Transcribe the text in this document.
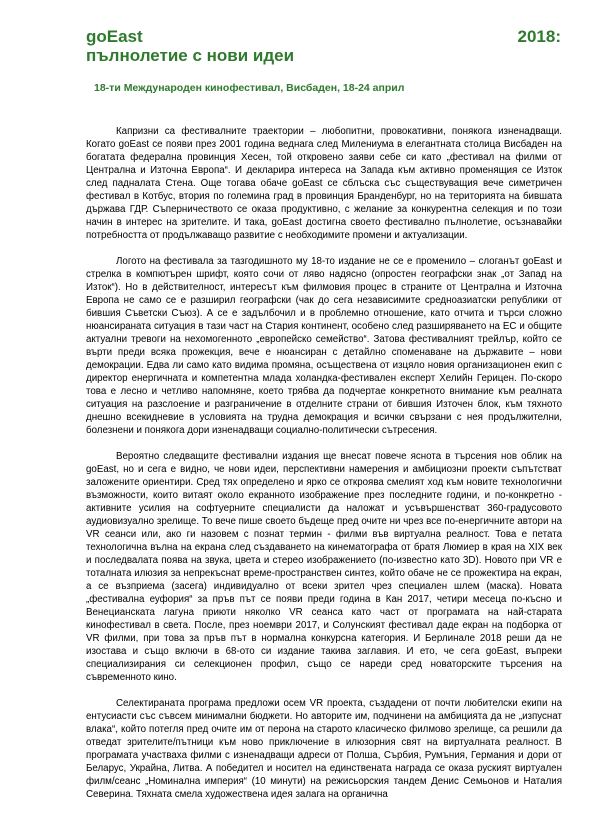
goEast	2018:
пълнолетие с нови идеи
18-ти Международен кинофестивал, Висбаден, 18-24 април

Капризни са фестивалните траектории – любопитни, провокативни, понякога изненадващи. Когато goEast се появи през 2001 година веднага след Милениума в елегантната столица Висбаден на богатата федерална провинция Хесен, той откровено заяви себе си като „фестивал на филми от Централна и Източна Европа“. И декларира интереса на Запада към активно променящия се Изток след падналата Стена. Още тогава обаче goEast се сблъска със съществуващия вече симетричен фестивал в Котбус, втория по големина град в провинция Бранденбург, но на територията на бившата държава ГДР. Съперничеството се оказа продуктивно, с желание за конкурентна селекция и по този начин в интерес на зрителите. И така, goEast достигна своето фестивално пълнолетие, осъзнавайки потребността от продължаващо развитие с необходимите промени и актуализации.

Логото на фестивала за тазгодишното му 18-то издание не се е променило – слоганът goEast и стрелка в компютърен шрифт, която сочи от ляво надясно (опростен географски знак „от Запад на Изток“). Но в действителност, интересът към филмовия процес в страните от Централна и Източна Европа не само се е разширил географски (чак до сега независимите средноазиатски републики от бившия Съветски Съюз). А се е задълбочил и в проблемно отношение, като отчита и търси сложно нюансираната ситуация в тази част на Стария континент, особено след разширяването на ЕС и общите актуални тревоги на нехомогенното „европейско семейство“. Затова фестивалният трейлър, който се върти преди всяка прожекция, вече е нюансиран с детайлно споменаване на държавите – нови демокрации. Едва ли само като видима промяна, осъществена от изцяло новия организационен екип с директор енергичната и компетентна млада холандка-фестивален експерт Хелийн Герицен. По-скоро това е лесно и четливо напомняне, което трябва да подчертае конкретното внимание към реалната ситуация на разслоение и разграничение в отделните страни от бившия Източен блок, към тяхното днешно всекидневие в условията на трудна демокрация и всички свързани с нея продължителни, болезнени и понякога дори изненадващи социално-политически сътресения.

Вероятно следващите фестивални издания ще внесат повече яснота в търсения нов облик на goEast, но и сега е видно, че нови идеи, перспективни намерения и амбициозни проекти съпътстват заложените ориентири. Сред тях определено и ярко се откроява смелият ход към новите технологични възможности, които витаят около екранното изображение през последните години, и по-конкретно - активните усилия на софтуерните специалисти да наложат и усъвършенстват 360-градусовото аудиовизуално зрелище. То вече пише своето бъдеще пред очите ни чрез все по-енергичните автори на VR сеанси или, ако ги назовем с познат термин - филми във виртуална реалност. Това е петата технологична вълна на екрана след създаването на кинематографа от братя Люмиер в края на XIX век и последвалата поява на звука, цвета и стерео изображението (по-известно като 3D). Новото при VR е тоталната илюзия за непрекъснат време-пространствен синтез, който обаче не се прожектира на екран, а се възприема (засега) индивидуално от всеки зрител чрез специален шлем (маска). Новата „фестивална еуфория“ за пръв път се появи преди година в Кан 2017, четири месеца по-късно и Венецианската лагуна приюти няколко VR сеанса като част от програмата на най-старата кинофестивал в света. После, през ноември 2017, и Солунският фестивал даде екран на подборка от VR филми, при това за пръв път в нормална конкурсна категория. И Берлинале 2018 реши да не изостава и също включи в 68-ото си издание такива заглавия. И ето, че сега goEast, въпреки специализирания си селекционен профил, също се нареди сред новаторските търсения на съвременното кино.

Селектираната програма предложи осем VR проекта, създадени от почти любителски екипи на ентусиасти със съвсем минимални бюджети. Но авторите им, подчинени на амбицията да не „изпуснат влака“, който потегля пред очите им от перона на старото класическо филмово зрелище, са решили да отведат зрителите/пътници към ново приключение в илюзорния свят на виртуалната реалност. В програмата участваха филми с изненадващи адреси от Полша, Сърбия, Румъния, Германия и дори от Беларус, Украйна, Литва. А победител и носител на единствената награда се оказа руският виртуален филм/сеанс „Номинална империя“ (10 минути) на режисьорския тандем Денис Семьонов и Наталия Северина. Тяхната смела художествена идея залага на органична
